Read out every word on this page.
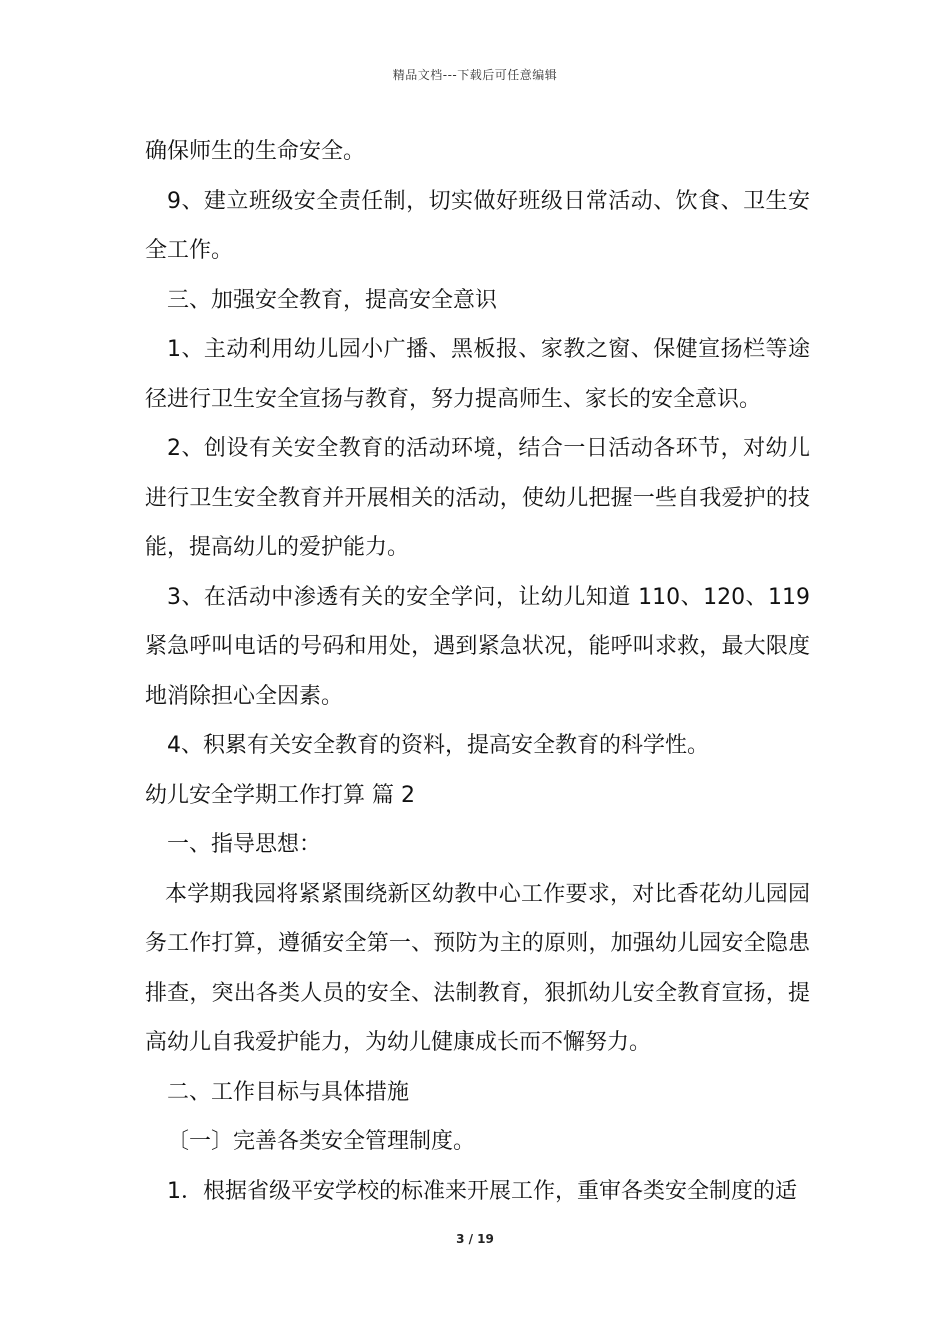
精品文档---下载后可任意编辑

确保师生的生命安全。

9、建立班级安全责任制，切实做好班级日常活动、饮食、卫生安全工作。

三、加强安全教育，提高安全意识

1、主动利用幼儿园小广播、黑板报、家教之窗、保健宣扬栏等途径进行卫生安全宣扬与教育，努力提高师生、家长的安全意识。

2、创设有关安全教育的活动环境，结合一日活动各环节，对幼儿进行卫生安全教育并开展相关的活动，使幼儿把握一些自我爱护的技能，提高幼儿的爱护能力。

3、在活动中渗透有关的安全学问，让幼儿知道 110、120、119 紧急呼叫电话的号码和用处，遇到紧急状况，能呼叫求救，最大限度地消除担心全因素。

4、积累有关安全教育的资料，提高安全教育的科学性。

幼儿安全学期工作打算 篇 2

一、指导思想：

本学期我园将紧紧围绕新区幼教中心工作要求，对比香花幼儿园园务工作打算，遵循安全第一、预防为主的原则，加强幼儿园安全隐患排查，突出各类人员的安全、法制教育，狠抓幼儿安全教育宣扬，提高幼儿自我爱护能力，为幼儿健康成长而不懈努力。

二、工作目标与具体措施

〔一〕完善各类安全管理制度。

1．根据省级平安学校的标准来开展工作，重审各类安全制度的适

3 / 19
